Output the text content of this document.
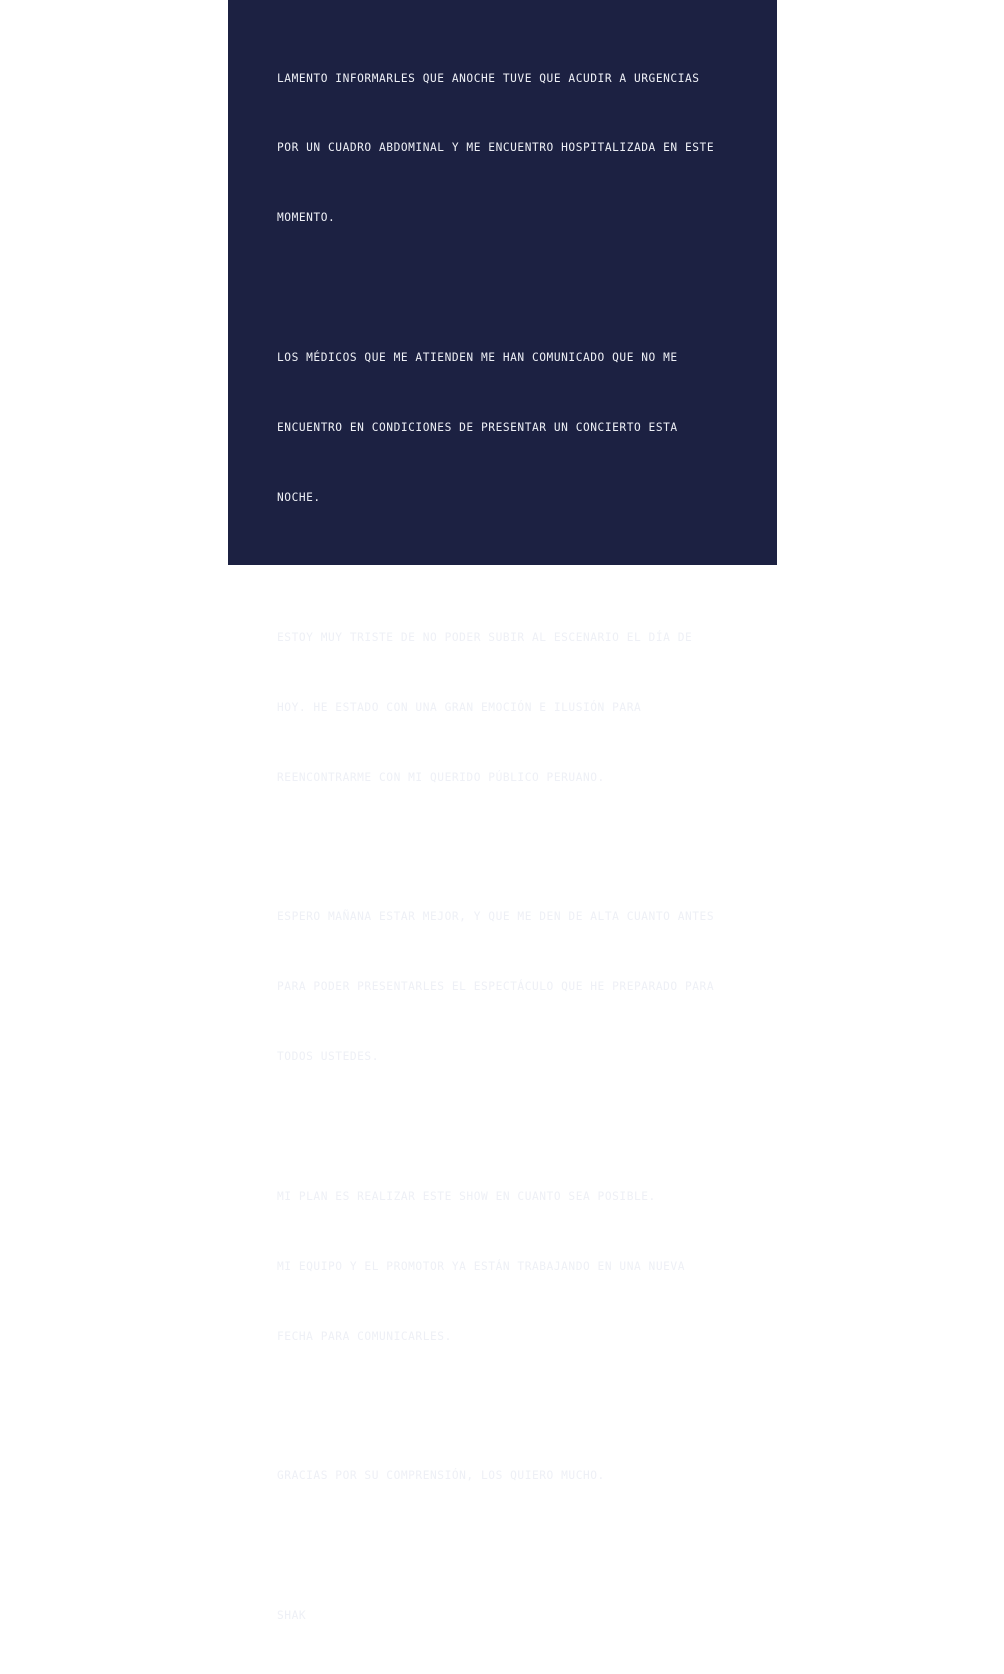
LAMENTO INFORMARLES QUE ANOCHE TUVE QUE ACUDIR A URGENCIAS

POR UN CUADRO ABDOMINAL Y ME ENCUENTRO HOSPITALIZADA EN ESTE

MOMENTO.

LOS MÉDICOS QUE ME ATIENDEN ME HAN COMUNICADO QUE NO ME

ENCUENTRO EN CONDICIONES DE PRESENTAR UN CONCIERTO ESTA

NOCHE.

ESTOY MUY TRISTE DE NO PODER SUBIR AL ESCENARIO EL DÍA DE

HOY. HE ESTADO CON UNA GRAN EMOCIÓN E ILUSIÓN PARA

REENCONTRARME CON MI QUERIDO PÚBLICO PERUANO.

ESPERO MAÑANA ESTAR MEJOR, Y QUE ME DEN DE ALTA CUANTO ANTES

PARA PODER PRESENTARLES EL ESPECTÁCULO QUE HE PREPARADO PARA

TODOS USTEDES.

MI PLAN ES REALIZAR ESTE SHOW EN CUANTO SEA POSIBLE.

MI EQUIPO Y EL PROMOTOR YA ESTÁN TRABAJANDO EN UNA NUEVA

FECHA PARA COMUNICARLES.

GRACIAS POR SU COMPRENSIÓN, LOS QUIERO MUCHO.

SHAK
